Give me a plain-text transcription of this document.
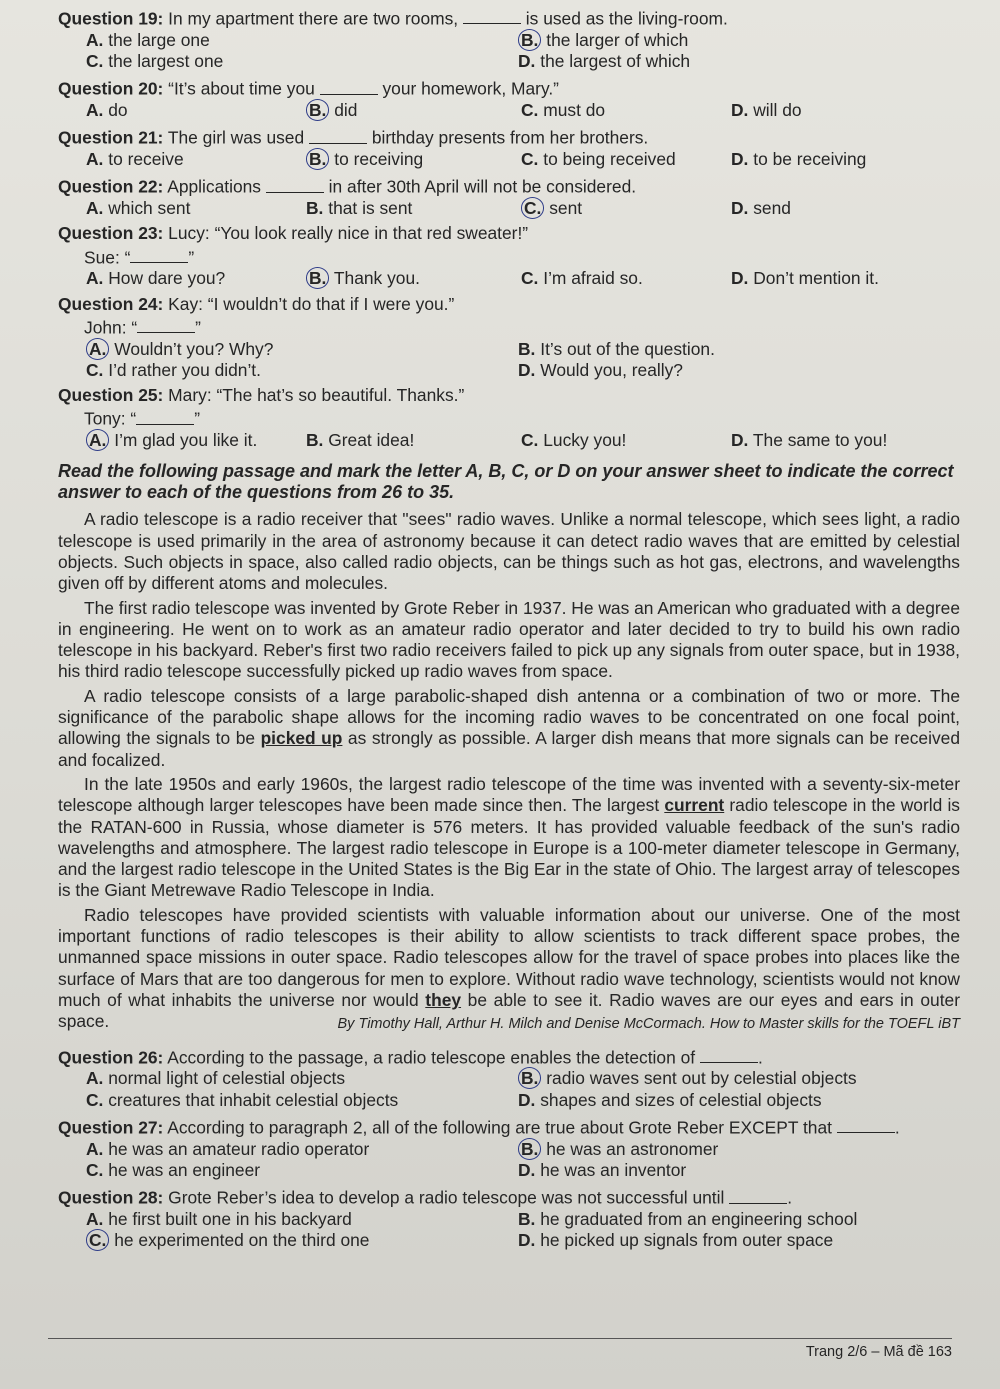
Question 19: In my apartment there are two rooms,	is used as the living-room.
A. the large one	B. the larger of which
C. the largest one	D. the largest of which
Question 20: “It’s about time you	your homework, Mary.”
A. do	B. did	C. must do	D. will do
Question 21: The girl was used	birthday presents from her brothers.
A. to receive	B. to receiving	C. to being received	D. to be receiving
Question 22: Applications	in after 30th April will not be considered.
A. which sent	B. that is sent	C. sent	D. send
Question 23: Lucy: “You look really nice in that red sweater!”
Sue: “	”
A. How dare you?	B. Thank you.	C. I’m afraid so.	D. Don’t mention it.
Question 24: Kay: “I wouldn’t do that if I were you.”
John: “	”
A. Wouldn’t you? Why?	B. It’s out of the question.
C. I’d rather you didn’t.	D. Would you, really?
Question 25: Mary: “The hat’s so beautiful. Thanks.”
Tony: “	”
A. I’m glad you like it.	B. Great idea!	C. Lucky you!	D. The same to you!
Read the following passage and mark the letter A, B, C, or D on your answer sheet to indicate the correct answer to each of the questions from 26 to 35.

A radio telescope is a radio receiver that "sees" radio waves. Unlike a normal telescope, which sees light, a radio telescope is used primarily in the area of astronomy because it can detect radio waves that are emitted by celestial objects. Such objects in space, also called radio objects, can be things such as hot gas, electrons, and wavelengths given off by different atoms and molecules.

The first radio telescope was invented by Grote Reber in 1937. He was an American who graduated with a degree in engineering. He went on to work as an amateur radio operator and later decided to try to build his own radio telescope in his backyard. Reber's first two radio receivers failed to pick up any signals from outer space, but in 1938, his third radio telescope successfully picked up radio waves from space.

A radio telescope consists of a large parabolic-shaped dish antenna or a combination of two or more. The significance of the parabolic shape allows for the incoming radio waves to be concentrated on one focal point, allowing the signals to be picked up as strongly as possible. A larger dish means that more signals can be received and focalized.

In the late 1950s and early 1960s, the largest radio telescope of the time was invented with a seventy-six-meter telescope although larger telescopes have been made since then. The largest current radio telescope in the world is the RATAN-600 in Russia, whose diameter is 576 meters. It has provided valuable feedback of the sun's radio wavelengths and atmosphere. The largest radio telescope in Europe is a 100-meter diameter telescope in Germany, and the largest radio telescope in the United States is the Big Ear in the state of Ohio. The largest array of telescopes is the Giant Metrewave Radio Telescope in India.

Radio telescopes have provided scientists with valuable information about our universe. One of the most important functions of radio telescopes is their ability to allow scientists to track different space probes, the unmanned space missions in outer space. Radio telescopes allow for the travel of space probes into places like the surface of Mars that are too dangerous for men to explore. Without radio wave technology, scientists would not know much of what inhabits the universe nor would they be able to see it. Radio waves are our eyes and ears in outer space.	By Timothy Hall, Arthur H. Milch and Denise McCormach. How to Master skills for the TOEFL iBT
Question 26: According to the passage, a radio telescope enables the detection of	.
A. normal light of celestial objects	B. radio waves sent out by celestial objects
C. creatures that inhabit celestial objects	D. shapes and sizes of celestial objects
Question 27: According to paragraph 2, all of the following are true about Grote Reber EXCEPT that	.
A. he was an amateur radio operator	B. he was an astronomer
C. he was an engineer	D. he was an inventor
Question 28: Grote Reber’s idea to develop a radio telescope was not successful until	.
A. he first built one in his backyard	B. he graduated from an engineering school
C. he experimented on the third one	D. he picked up signals from outer space
Trang 2/6 – Mã đề 163
